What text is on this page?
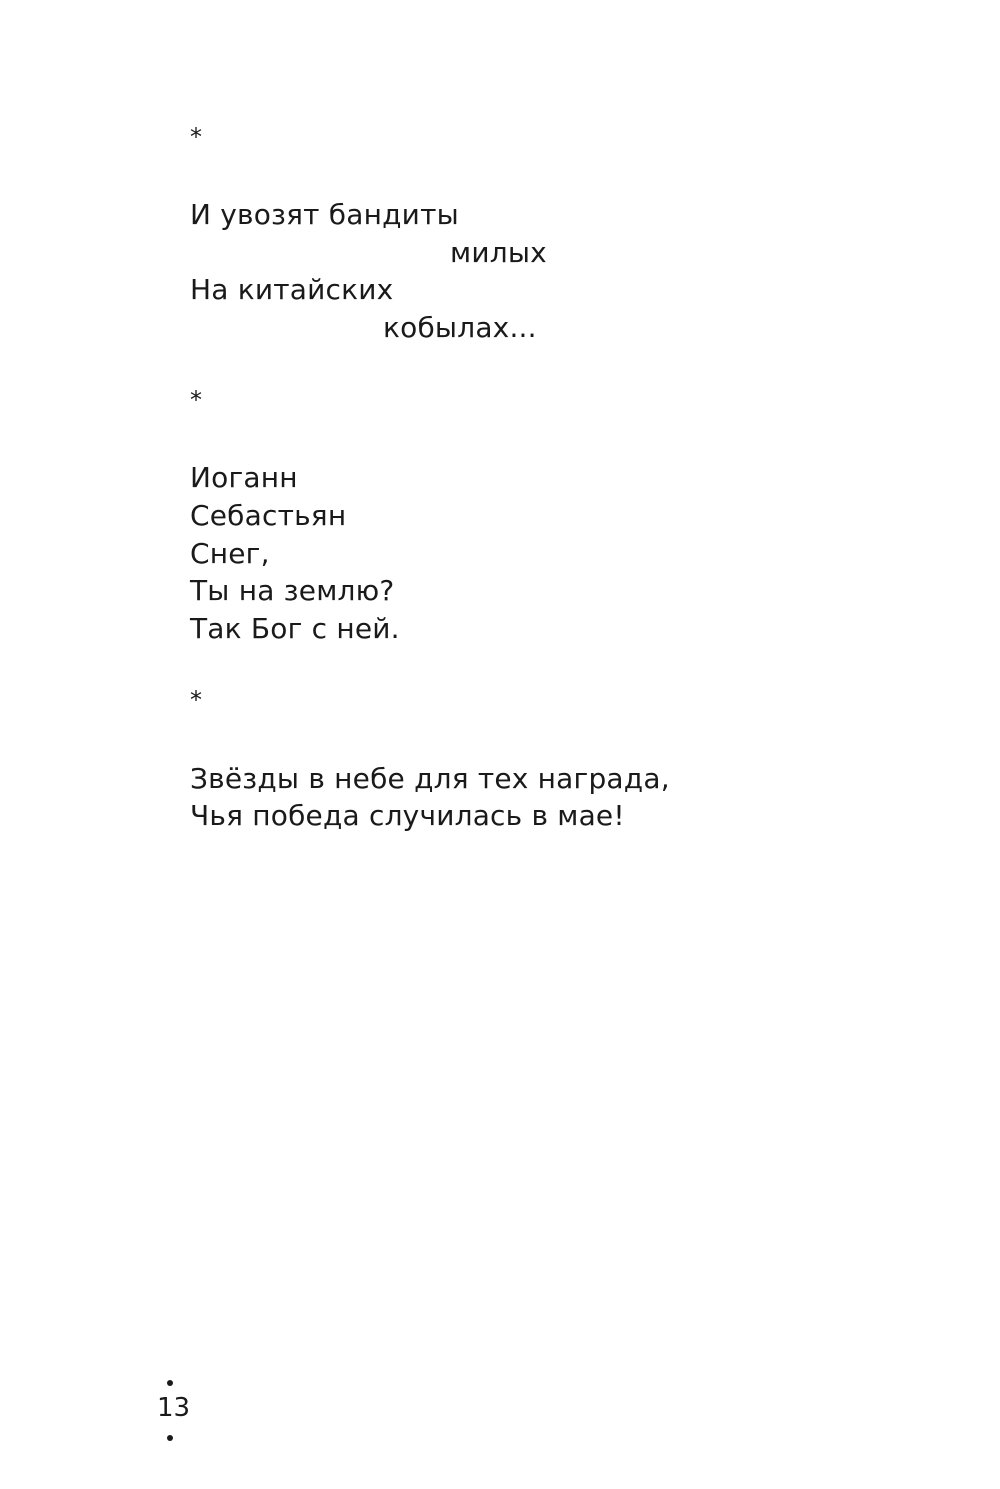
*
И увозят бандиты
милых
На китайских
кобылах...
*
Иоганн
Себастьян
Снег,
Ты на землю?
Так Бог с ней.
*
Звёзды в небе для тех награда,
Чья победа случилась в мае!
13
